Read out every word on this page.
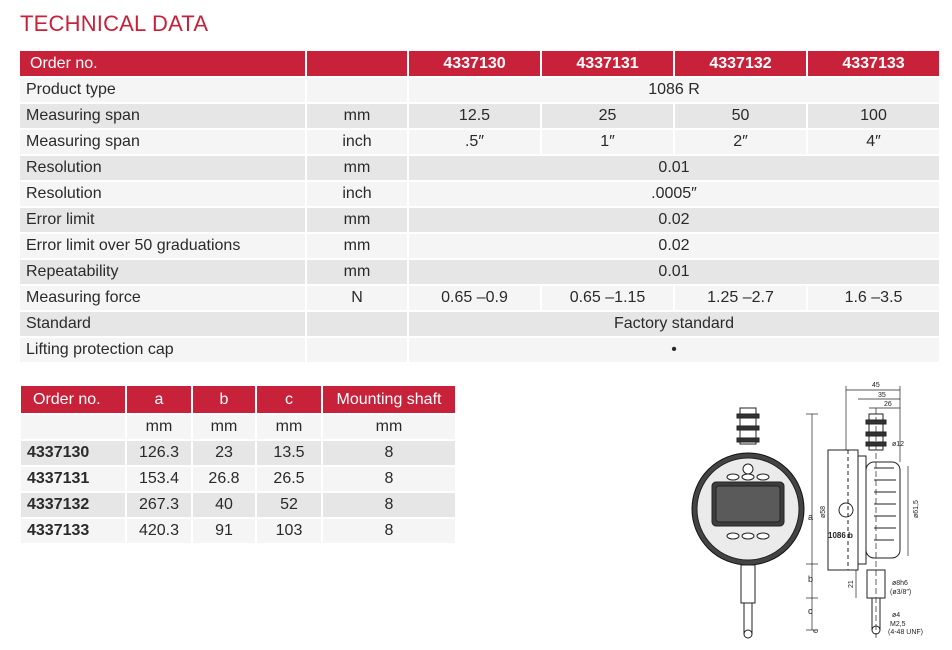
TECHNICAL DATA
Order no.		4337130	4337131	4337132	4337133
Product type		1086 R			
Measuring span	mm	12.5	25	50	100
Measuring span	inch	.5″	1″	2″	4″
Resolution	mm	0.01			
Resolution	inch	.0005″			
Error limit	mm	0.02			
Error limit over 50 graduations	mm	0.02			
Repeatability	mm	0.01			
Measuring force	N	0.65 –0.9	0.65 –1.15	1.25 –2.7	1.6 –3.5
Standard		Factory standard			
Lifting protection cap		•			
Order no.	a	b	c	Mounting shaft
	mm	mm	mm	mm
4337130	126.3	23	13.5	8
4337131	153.4	26.8	26.5	8
4337132	267.3	40	52	8
4337133	420.3	91	103	8
45
35
26
ø12
ø58	ø61,5
1086 b
a
b
c
21	ø8h6
(ø3/8″)
ø4
M2,5
(4-48 UNF)
6
